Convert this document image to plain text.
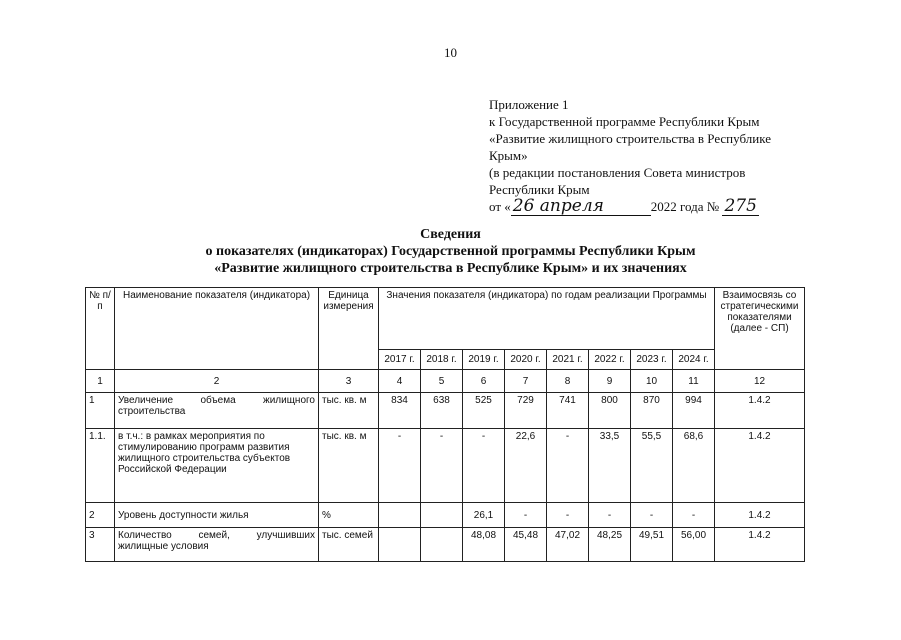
10
Приложение 1
к Государственной программе Республики Крым
«Развитие жилищного строительства в Республике
Крым»
(в редакции постановления Совета министров
Республики Крым
от « 26 апреля	2022 года № 275
Сведения
о показателях (индикаторах) Государственной программы Республики Крым
«Развитие жилищного строительства в Республике Крым» и их значениях
№ п/п	Наименование показателя (индикатора)	Единица измерения	Значения показателя (индикатора) по годам реализации Программы								Взаимосвязь со стратегическими показателями (далее - СП)
			2017 г.	2018 г.	2019 г.	2020 г.	2021 г.	2022 г.	2023 г.	2024 г.	
1	2	3	4	5	6	7	8	9	10	11	12
1	Увеличение объема жилищного строительства	тыс. кв. м	834	638	525	729	741	800	870	994	1.4.2
1.1.	в т.ч.: в рамках мероприятия по стимулированию программ развития жилищного строительства субъектов Российской Федерации	тыс. кв. м	-	-	-	22,6	-	33,5	55,5	68,6	1.4.2
2	Уровень доступности жилья	%			26,1	-	-	-	-	-	1.4.2
3	Количество семей, улучшивших жилищные условия	тыс. семей			48,08	45,48	47,02	48,25	49,51	56,00	1.4.2
